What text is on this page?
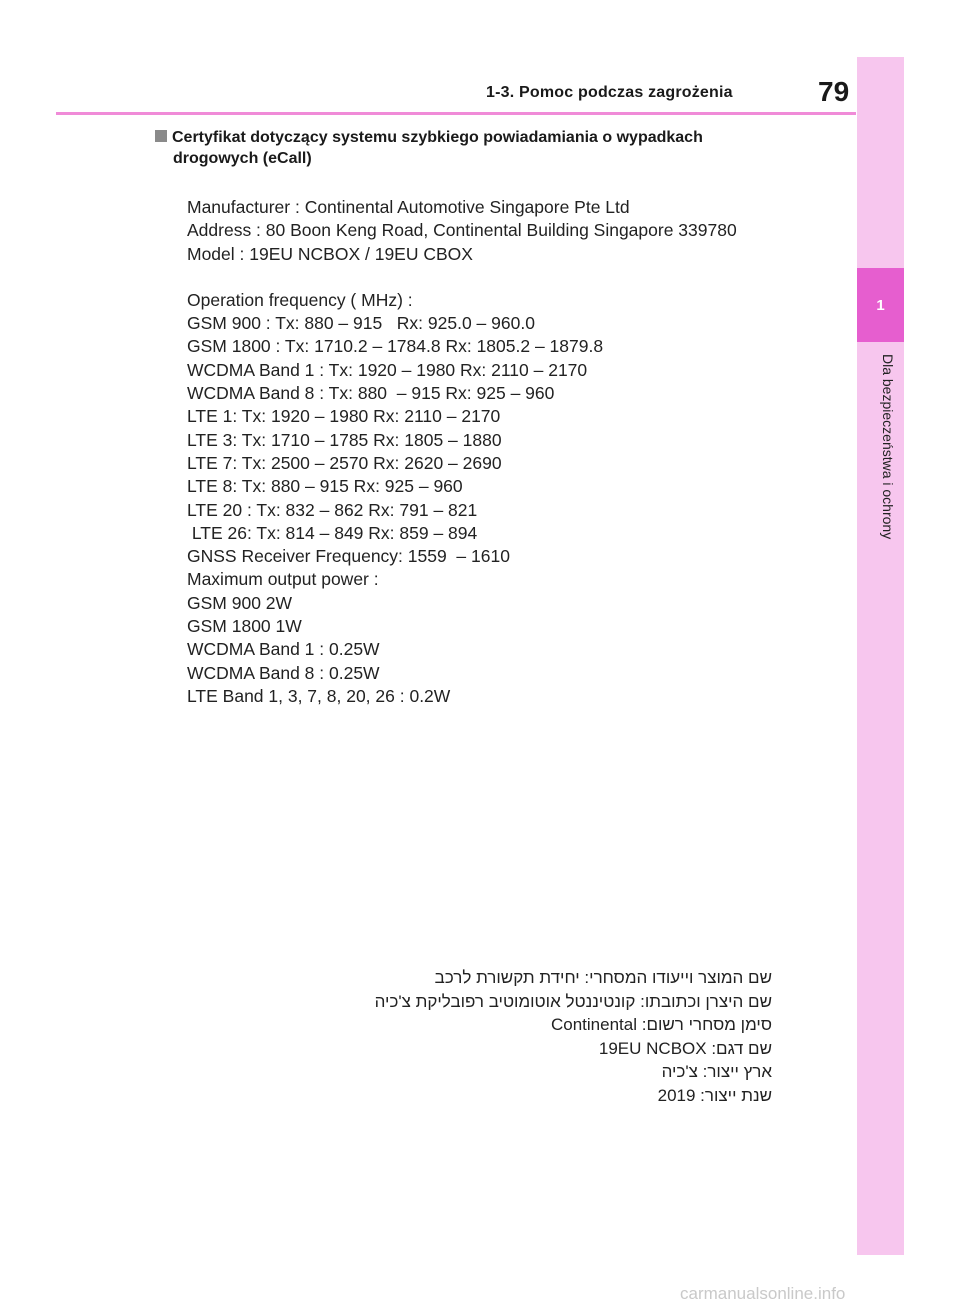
1-3. Pomoc podczas zagrożenia	79
1
Dla bezpieczeństwa i ochrony
Certyfikat dotyczący systemu szybkiego powiadamiania o wypadkach
drogowych (eCall)
Manufacturer : Continental Automotive Singapore Pte Ltd
Address : 80 Boon Keng Road, Continental Building Singapore 339780
Model : 19EU NCBOX / 19EU CBOX
Operation frequency ( MHz) :
GSM 900 : Tx: 880 – 915   Rx: 925.0 – 960.0
GSM 1800 : Tx: 1710.2 – 1784.8 Rx: 1805.2 – 1879.8
WCDMA Band 1 : Tx: 1920 – 1980 Rx: 2110 – 2170
WCDMA Band 8 : Tx: 880  – 915 Rx: 925 – 960
LTE 1: Tx: 1920 – 1980 Rx: 2110 – 2170
LTE 3: Tx: 1710 – 1785 Rx: 1805 – 1880
LTE 7: Tx: 2500 – 2570 Rx: 2620 – 2690
LTE 8: Tx: 880 – 915 Rx: 925 – 960
LTE 20 : Tx: 832 – 862 Rx: 791 – 821
LTE 26: Tx: 814 – 849 Rx: 859 – 894
GNSS Receiver Frequency: 1559  – 1610
Maximum output power :
GSM 900 2W
GSM 1800 1W
WCDMA Band 1 : 0.25W
WCDMA Band 8 : 0.25W
LTE Band 1, 3, 7, 8, 20, 26 : 0.2W
שם המוצר וייעודו המסחרי: יחידת תקשורת לרכב
שם היצרן וכתובתו: קונטיננטל אוטומוטיב רפובליקת צ'כיה
סימן מסחרי רשום: Continental
שם דגם: 19EU NCBOX
ארץ ייצור: צ'כיה
שנת ייצור: 2019
carmanualsonline.info
